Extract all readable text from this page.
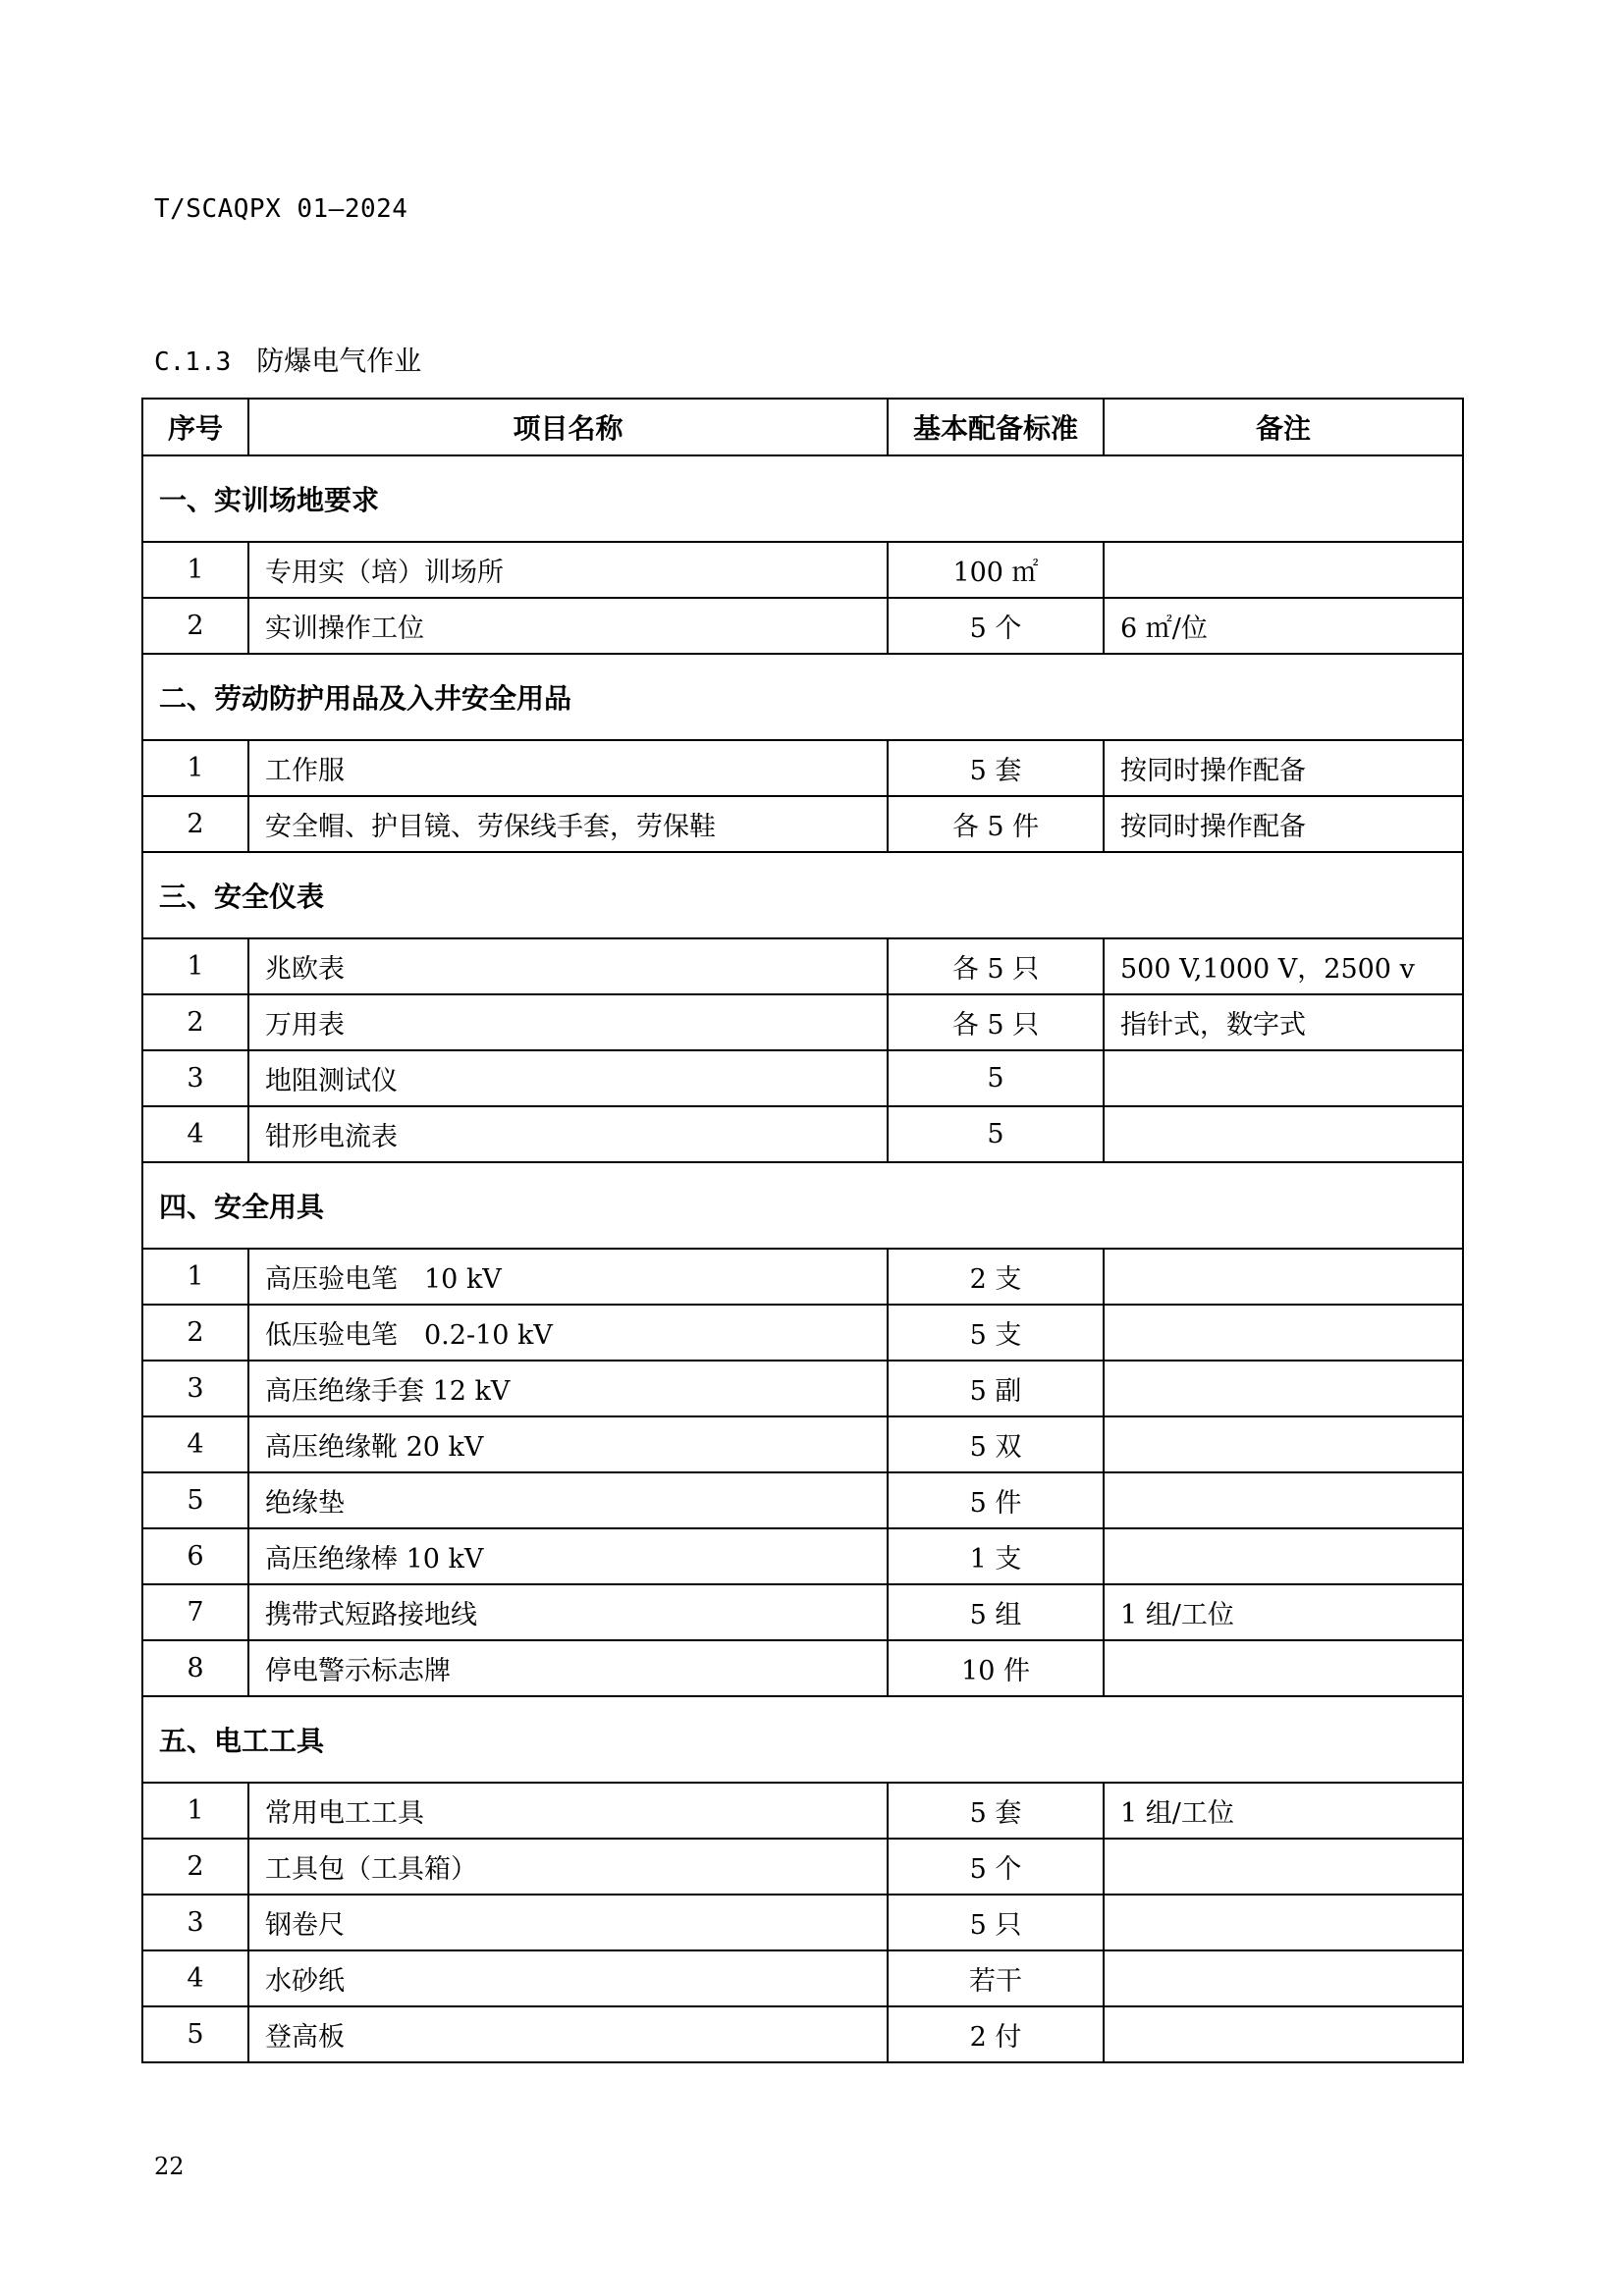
T/SCAQPX 01—2024
C.1.3 防爆电气作业
序号	项目名称	基本配备标准	备注
一、实训场地要求			
1	专用实（培）训场所	100 ㎡	
2	实训操作工位	5 个	6 ㎡/位
二、劳动防护用品及入井安全用品			
1	工作服	5 套	按同时操作配备
2	安全帽、护目镜、劳保线手套，劳保鞋	各 5 件	按同时操作配备
三、安全仪表			
1	兆欧表	各 5 只	500 V,1000 V，2500 v
2	万用表	各 5 只	指针式，数字式
3	地阻测试仪	5	
4	钳形电流表	5	
四、安全用具			
1	高压验电笔　10 kV	2 支	
2	低压验电笔　0.2-10 kV	5 支	
3	高压绝缘手套 12 kV	5 副	
4	高压绝缘靴 20 kV	5 双	
5	绝缘垫	5 件	
6	高压绝缘棒 10 kV	1 支	
7	携带式短路接地线	5 组	1 组/工位
8	停电警示标志牌	10 件	
五、电工工具			
1	常用电工工具	5 套	1 组/工位
2	工具包（工具箱）	5 个	
3	钢卷尺	5 只	
4	水砂纸	若干	
5	登高板	2 付	
22
